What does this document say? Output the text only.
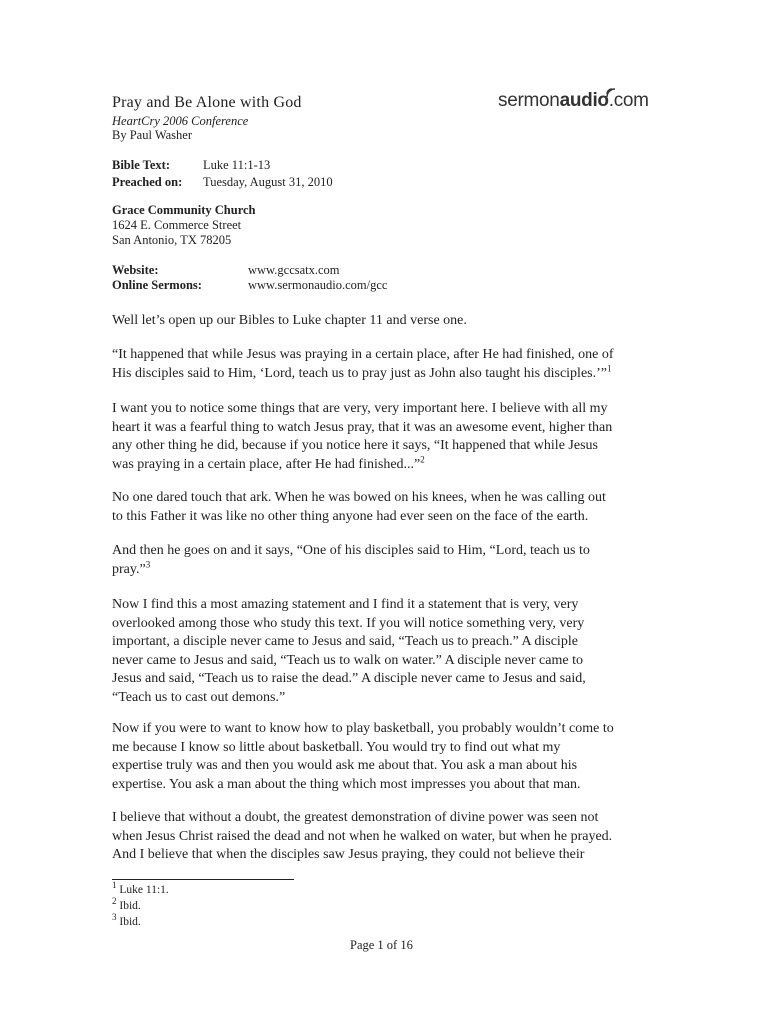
Pray and Be Alone with God
HeartCry 2006 Conference
By Paul Washer
sermonaudio.com
Bible Text:	Luke 11:1-13
Preached on: Tuesday, August 31, 2010
Grace Community Church
1624 E. Commerce Street
San Antonio, TX 78205
Website:	www.gccsatx.com
Online Sermons:	www.sermonaudio.com/gcc
Well let’s open up our Bibles to Luke chapter 11 and verse one.
“It happened that while Jesus was praying in a certain place, after He had finished, one of
His disciples said to Him, ‘Lord, teach us to pray just as John also taught his disciples.’”$^1$
I want you to notice some things that are very, very important here. I believe with all my
heart it was a fearful thing to watch Jesus pray, that it was an awesome event, higher than
any other thing he did, because if you notice here it says, “It happened that while Jesus
was praying in a certain place, after He had finished...”$^2$
No one dared touch that ark. When he was bowed on his knees, when he was calling out
to this Father it was like no other thing anyone had ever seen on the face of the earth.
And then he goes on and it says, “One of his disciples said to Him, “Lord, teach us to
pray.”$^3$
Now I find this a most amazing statement and I find it a statement that is very, very
overlooked among those who study this text. If you will notice something very, very
important, a disciple never came to Jesus and said, “Teach us to preach.” A disciple
never came to Jesus and said, “Teach us to walk on water.” A disciple never came to
Jesus and said, “Teach us to raise the dead.” A disciple never came to Jesus and said,
“Teach us to cast out demons.”
Now if you were to want to know how to play basketball, you probably wouldn’t come to
me because I know so little about basketball. You would try to find out what my
expertise truly was and then you would ask me about that. You ask a man about his
expertise. You ask a man about the thing which most impresses you about that man.
I believe that without a doubt, the greatest demonstration of divine power was seen not
when Jesus Christ raised the dead and not when he walked on water, but when he prayed.
And I believe that when the disciples saw Jesus praying, they could not believe their
$^1$ Luke 11:1.
$^2$ Ibid.
$^3$ Ibid.
Page 1 of 16
